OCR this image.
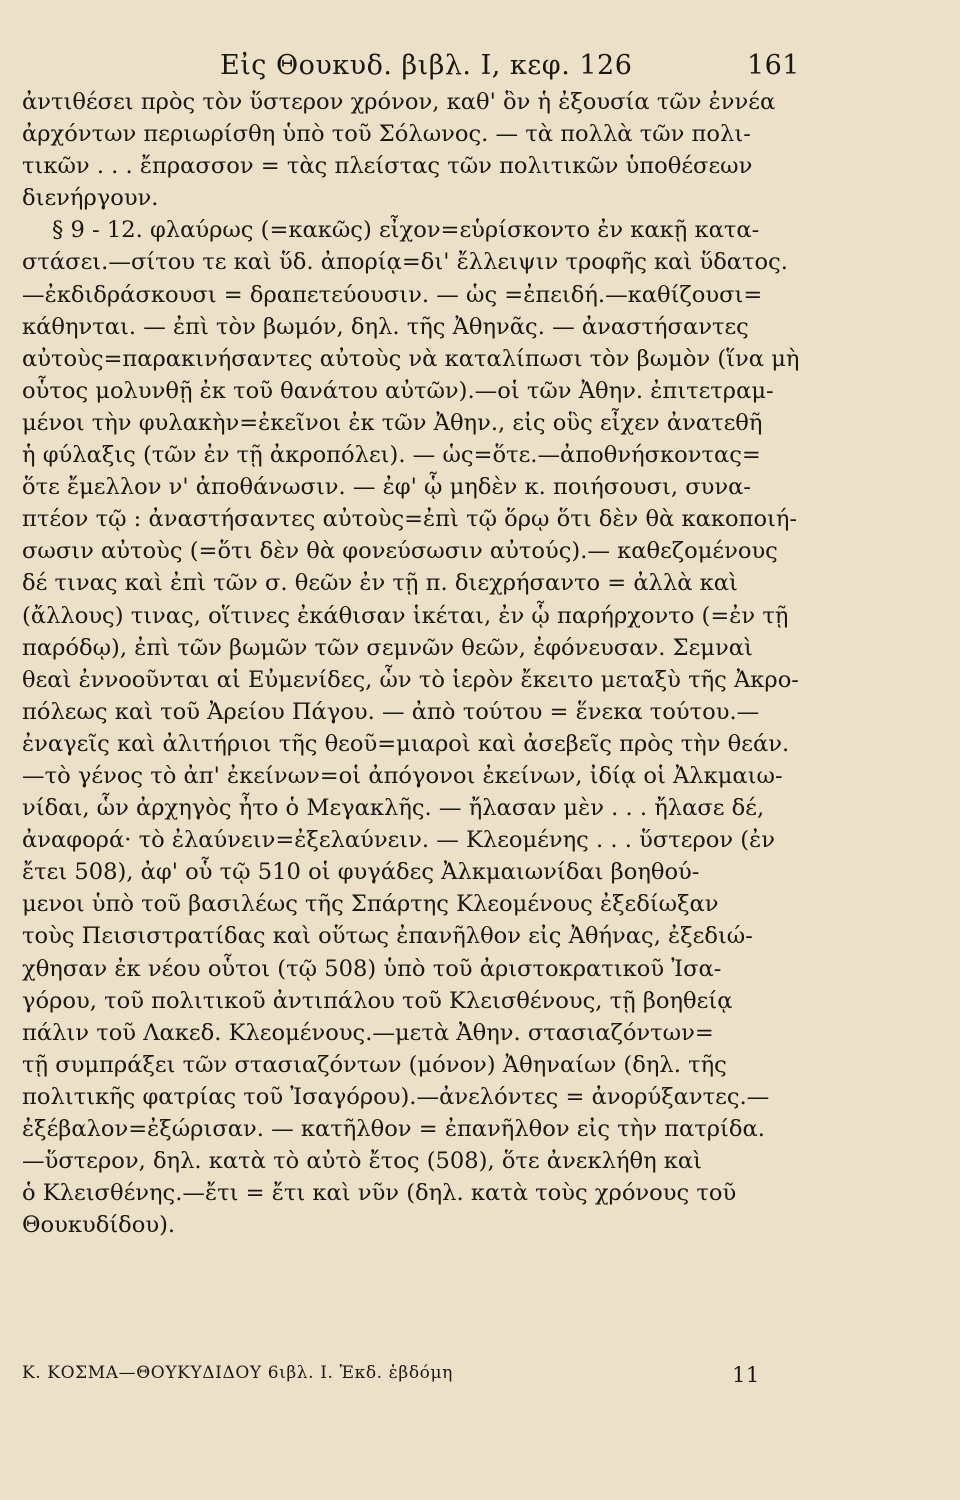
Εἰς Θουκυδ. βιβλ. I, κεφ. 126	161
ἀντιθέσει πρὸς τὸν ὕστερον χρόνον, καθ' ὃν ἡ ἐξουσία τῶν ἐννέα
ἀρχόντων περιωρίσθη ὑπὸ τοῦ Σόλωνος. — τὰ πολλὰ τῶν πολι-
τικῶν . . . ἔπρασσον = τὰς πλείστας τῶν πολιτικῶν ὑποθέσεων
διενήργουν.
§ 9 - 12. φλαύρως (=κακῶς) εἶχον=εὑρίσκοντο ἐν κακῇ κατα-
στάσει.—σίτου τε καὶ ὕδ. ἀπορίᾳ=δι' ἔλλειψιν τροφῆς καὶ ὕδατος.
—ἐκδιδράσκουσι = δραπετεύουσιν. — ὡς =ἐπειδή.—καθίζουσι=
κάθηνται. — ἐπὶ τὸν βωμόν, δηλ. τῆς Ἀθηνᾶς. — ἀναστήσαντες
αὐτοὺς=παρακινήσαντες αὐτοὺς νὰ καταλίπωσι τὸν βωμὸν (ἵνα μὴ
οὗτος μολυνθῇ ἐκ τοῦ θανάτου αὐτῶν).—οἱ τῶν Ἀθην. ἐπιτετραμ-
μένοι τὴν φυλακὴν=ἐκεῖνοι ἐκ τῶν Ἀθην., εἰς οὓς εἶχεν ἀνατεθῆ
ἡ φύλαξις (τῶν ἐν τῇ ἀκροπόλει). — ὡς=ὅτε.—ἀποθνήσκοντας=
ὅτε ἔμελλον ν' ἀποθάνωσιν. — ἐφ' ᾧ μηδὲν κ. ποιήσουσι, συνα-
πτέον τῷ : ἀναστήσαντες αὐτοὺς=ἐπὶ τῷ ὅρῳ ὅτι δὲν θὰ κακοποιή-
σωσιν αὐτοὺς (=ὅτι δὲν θὰ φονεύσωσιν αὐτούς).— καθεζομένους
δέ τινας καὶ ἐπὶ τῶν σ. θεῶν ἐν τῇ π. διεχρήσαντο = ἀλλὰ καὶ
(ἄλλους) τινας, οἵτινες ἐκάθισαν ἱκέται, ἐν ᾧ παρήρχοντο (=ἐν τῇ
παρόδῳ), ἐπὶ τῶν βωμῶν τῶν σεμνῶν θεῶν, ἐφόνευσαν. Σεμναὶ
θεαὶ ἐννοοῦνται αἱ Εὐμενίδες, ὧν τὸ ἱερὸν ἔκειτο μεταξὺ τῆς Ἀκρο-
πόλεως καὶ τοῦ Ἀρείου Πάγου. — ἀπὸ τούτου = ἕνεκα τούτου.—
ἐναγεῖς καὶ ἀλιτήριοι τῆς θεοῦ=μιαροὶ καὶ ἀσεβεῖς πρὸς τὴν θεάν.
—τὸ γένος τὸ ἀπ' ἐκείνων=οἱ ἀπόγονοι ἐκείνων, ἰδίᾳ οἱ Ἀλκμαιω-
νίδαι, ὧν ἀρχηγὸς ἦτο ὁ Μεγακλῆς. — ἤλασαν μὲν . . . ἤλασε δέ,
ἀναφορά· τὸ ἐλαύνειν=ἐξελαύνειν. — Κλεομένης . . . ὕστερον (ἐν
ἔτει 508), ἀφ' οὗ τῷ 510 οἱ φυγάδες Ἀλκμαιωνίδαι βοηθού-
μενοι ὑπὸ τοῦ βασιλέως τῆς Σπάρτης Κλεομένους ἐξεδίωξαν
τοὺς Πεισιστρατίδας καὶ οὕτως ἐπανῆλθον εἰς Ἀθήνας, ἐξεδιώ-
χθησαν ἐκ νέου οὗτοι (τῷ 508) ὑπὸ τοῦ ἀριστοκρατικοῦ Ἰσα-
γόρου, τοῦ πολιτικοῦ ἀντιπάλου τοῦ Κλεισθένους, τῇ βοηθείᾳ
πάλιν τοῦ Λακεδ. Κλεομένους.—μετὰ Ἀθην. στασιαζόντων=
τῇ συμπράξει τῶν στασιαζόντων (μόνον) Ἀθηναίων (δηλ. τῆς
πολιτικῆς φατρίας τοῦ Ἰσαγόρου).—ἀνελόντες = ἀνορύξαντες.—
ἐξέβαλον=ἐξώρισαν. — κατῆλθον = ἐπανῆλθον εἰς τὴν πατρίδα.
—ὕστερον, δηλ. κατὰ τὸ αὐτὸ ἔτος (508), ὅτε ἀνεκλήθη καὶ
ὁ Κλεισθένης.—ἔτι = ἔτι καὶ νῦν (δηλ. κατὰ τοὺς χρόνους τοῦ
Θουκυδίδου).
Κ. ΚΟΣΜΑ—ΘΟΥΚΥΔΙΔΟΥ 6ιβλ. I. Ἐκδ. ἑβδόμη	11
